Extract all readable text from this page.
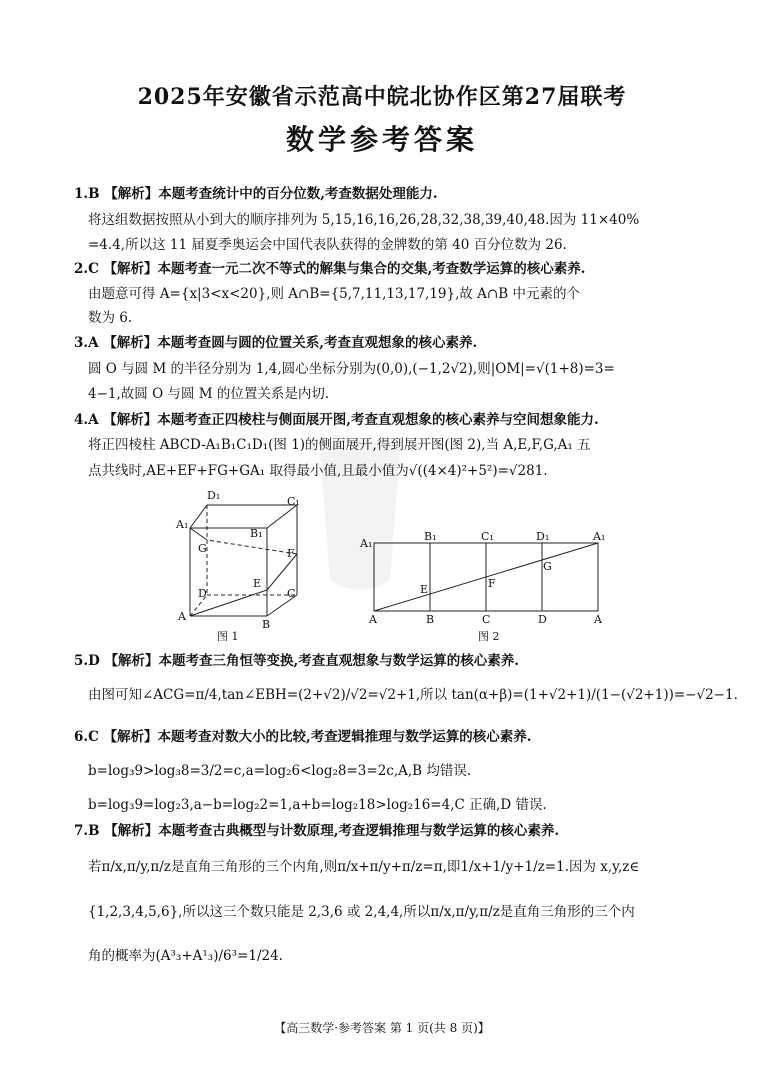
2025年安徽省示范高中皖北协作区第27届联考
数学参考答案
1.B 【解析】本题考查统计中的百分位数,考查数据处理能力.
将这组数据按照从小到大的顺序排列为 5,15,16,16,26,28,32,38,39,40,48.因为 11×40%
=4.4,所以这 11 届夏季奥运会中国代表队获得的金牌数的第 40 百分位数为 26.
2.C 【解析】本题考查一元二次不等式的解集与集合的交集,考查数学运算的核心素养.
由题意可得 A={x|3<x<20},则 A∩B={5,7,11,13,17,19},故 A∩B 中元素的个
数为 6.
3.A 【解析】本题考查圆与圆的位置关系,考查直观想象的核心素养.
圆 O 与圆 M 的半径分别为 1,4,圆心坐标分别为(0,0),(−1,2√2),则|OM|=√(1+8)=3=
4−1,故圆 O 与圆 M 的位置关系是内切.
4.A 【解析】本题考查正四棱柱与侧面展开图,考查直观想象的核心素养与空间想象能力.
将正四棱柱 ABCD-A₁B₁C₁D₁(图 1)的侧面展开,得到展开图(图 2),当 A,E,F,G,A₁ 五
点共线时,AE+EF+FG+GA₁ 取得最小值,且最小值为√((4×4)²+5²)=√281.
D₁	C₁
A₁
B₁
G	F
E
D	C
A
B
图 1
A₁
B₁	C₁	D₁	A₁
G
F
E
A	B	C	D	A
图 2
5.D 【解析】本题考查三角恒等变换,考查直观想象与数学运算的核心素养.
由图可知∠ACG=π/4,tan∠EBH=(2+√2)/√2=√2+1,所以 tan(α+β)=(1+√2+1)/(1−(√2+1))=−√2−1.
6.C 【解析】本题考查对数大小的比较,考查逻辑推理与数学运算的核心素养.
b=log₃9>log₃8=3/2=c,a=log₂6<log₂8=3=2c,A,B 均错误.
b=log₃9=log₂3,a−b=log₂2=1,a+b=log₂18>log₂16=4,C 正确,D 错误.
7.B 【解析】本题考查古典概型与计数原理,考查逻辑推理与数学运算的核心素养.
若π/x,π/y,π/z是直角三角形的三个内角,则π/x+π/y+π/z=π,即1/x+1/y+1/z=1.因为 x,y,z∈
{1,2,3,4,5,6},所以这三个数只能是 2,3,6 或 2,4,4,所以π/x,π/y,π/z是直角三角形的三个内
角的概率为(A³₃+A¹₃)/6³=1/24.
【高三数学·参考答案 第 1 页(共 8 页)】
